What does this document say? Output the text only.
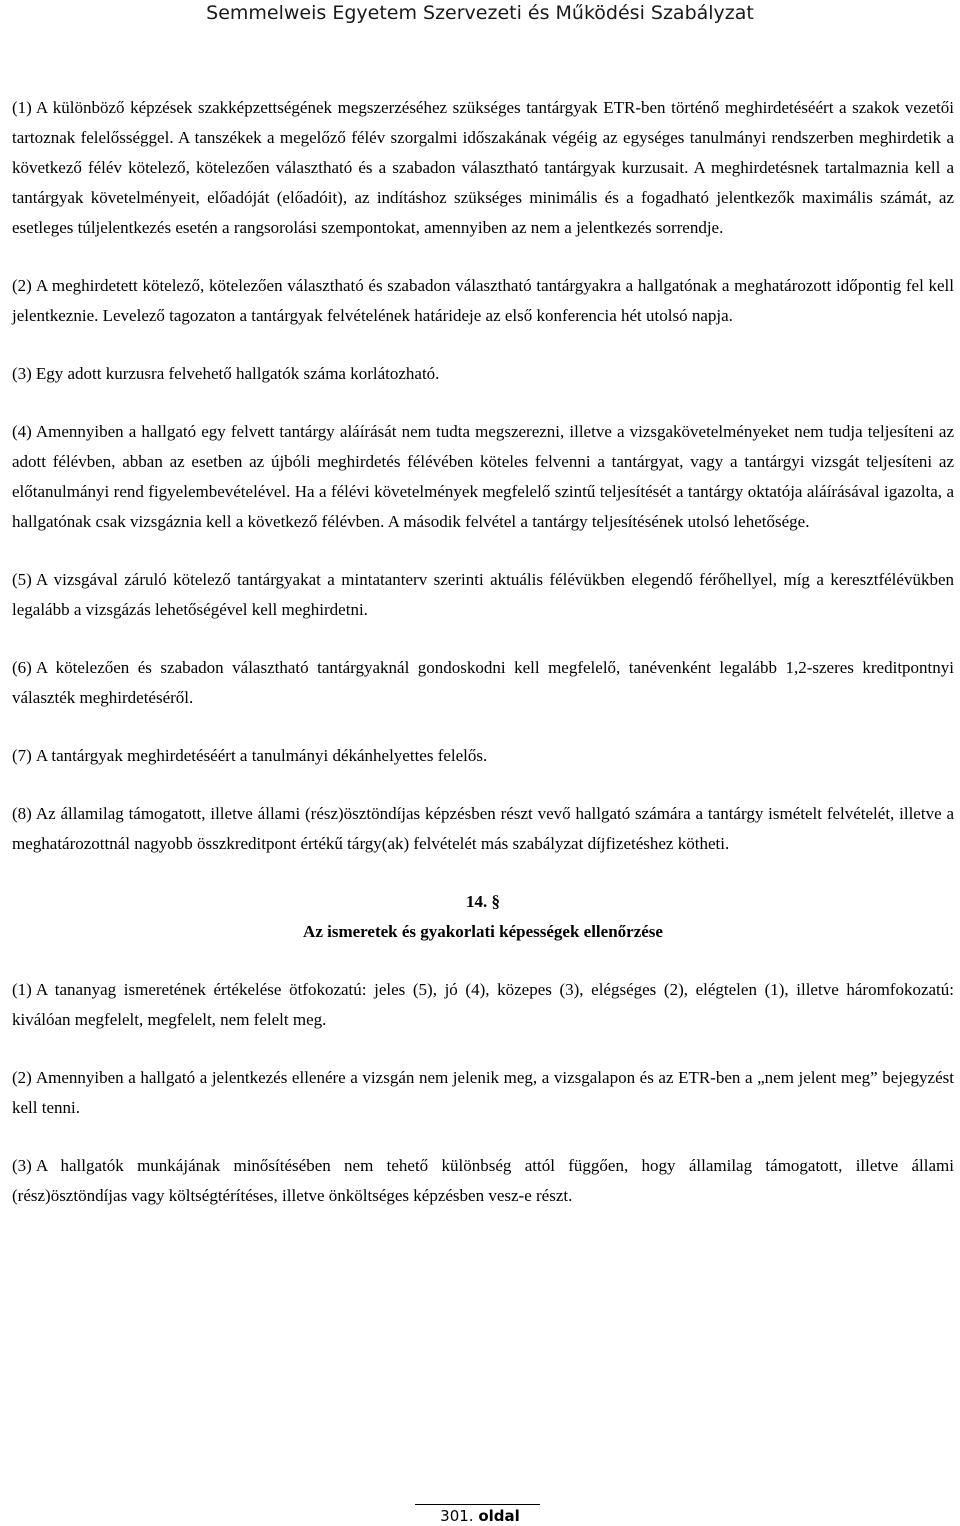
Semmelweis Egyetem Szervezeti és Működési Szabályzat

(1) A különböző képzések szakképzettségének megszerzéséhez szükséges tantárgyak ETR-ben történő meghirdetéséért a szakok vezetői tartoznak felelősséggel. A tanszékek a megelőző félév szorgalmi időszakának végéig az egységes tanulmányi rendszerben meghirdetik a következő félév kötelező, kötelezően választható és a szabadon választható tantárgyak kurzusait. A meghirdetésnek tartalmaznia kell a tantárgyak követelményeit, előadóját (előadóit), az indításhoz szükséges minimális és a fogadható jelentkezők maximális számát, az esetleges túljelentkezés esetén a rangsorolási szempontokat, amennyiben az nem a jelentkezés sorrendje.

(2) A meghirdetett kötelező, kötelezően választható és szabadon választható tantárgyakra a hallgatónak a meghatározott időpontig fel kell jelentkeznie. Levelező tagozaton a tantárgyak felvételének határideje az első konferencia hét utolsó napja.

(3) Egy adott kurzusra felvehető hallgatók száma korlátozható.

(4) Amennyiben a hallgató egy felvett tantárgy aláírását nem tudta megszerezni, illetve a vizsgakövetelményeket nem tudja teljesíteni az adott félévben, abban az esetben az újbóli meghirdetés félévében köteles felvenni a tantárgyat, vagy a tantárgyi vizsgát teljesíteni az előtanulmányi rend figyelembevételével. Ha a félévi követelmények megfelelő szintű teljesítését a tantárgy oktatója aláírásával igazolta, a hallgatónak csak vizsgáznia kell a következő félévben. A második felvétel a tantárgy teljesítésének utolsó lehetősége.

(5) A vizsgával záruló kötelező tantárgyakat a mintatanterv szerinti aktuális félévükben elegendő férőhellyel, míg a keresztfélévükben legalább a vizsgázás lehetőségével kell meghirdetni.

(6) A kötelezően és szabadon választható tantárgyaknál gondoskodni kell megfelelő, tanévenként legalább 1,2-szeres kreditpontnyi választék meghirdetéséről.

(7) A tantárgyak meghirdetéséért a tanulmányi dékánhelyettes felelős.

(8) Az államilag támogatott, illetve állami (rész)ösztöndíjas képzésben részt vevő hallgató számára a tantárgy ismételt felvételét, illetve a meghatározottnál nagyobb összkreditpont értékű tárgy(ak) felvételét más szabályzat díjfizetéshez kötheti.

14. §

Az ismeretek és gyakorlati képességek ellenőrzése

(1) A tananyag ismeretének értékelése ötfokozatú: jeles (5), jó (4), közepes (3), elégséges (2), elégtelen (1), illetve háromfokozatú: kiválóan megfelelt, megfelelt, nem felelt meg.

(2) Amennyiben a hallgató a jelentkezés ellenére a vizsgán nem jelenik meg, a vizsgalapon és az ETR-ben a „nem jelent meg” bejegyzést kell tenni.

(3) A hallgatók munkájának minősítésében nem tehető különbség attól függően, hogy államilag támogatott, illetve állami (rész)ösztöndíjas vagy költségtérítéses, illetve önköltséges képzésben vesz-e részt.

301. oldal
